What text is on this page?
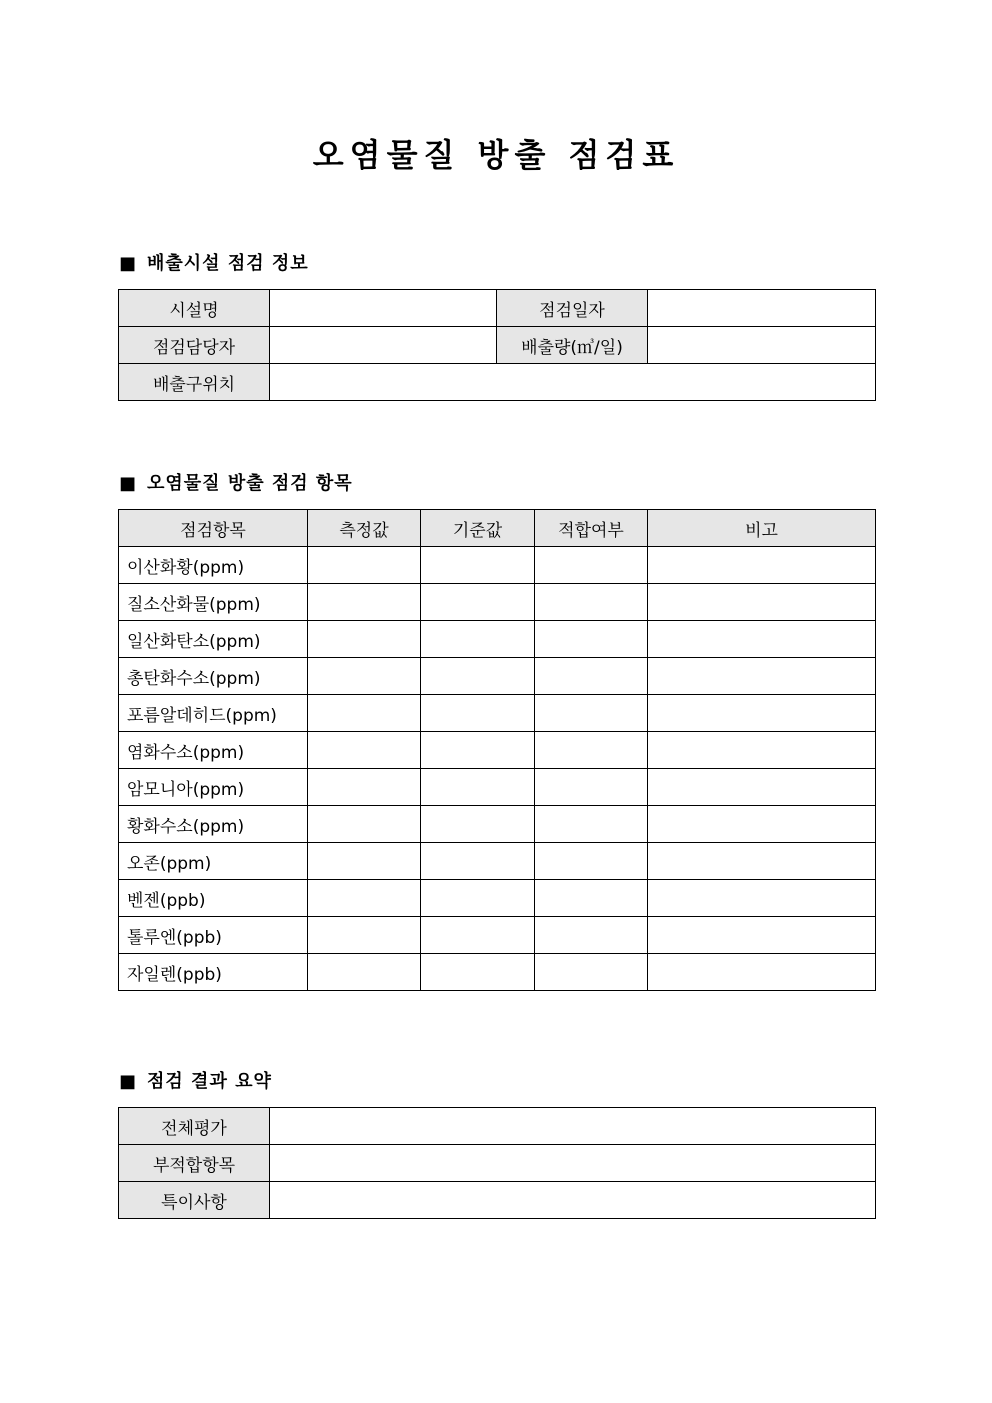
오염물질 방출 점검표
■ 배출시설 점검 정보
시설명		점검일자	
점검담당자		배출량(㎥/일)	
배출구위치			
■ 오염물질 방출 점검 항목
점검항목	측정값	기준값	적합여부	비고
이산화황(ppm)				
질소산화물(ppm)				
일산화탄소(ppm)				
총탄화수소(ppm)				
포름알데히드(ppm)				
염화수소(ppm)				
암모니아(ppm)				
황화수소(ppm)				
오존(ppm)				
벤젠(ppb)				
톨루엔(ppb)				
자일렌(ppb)				
■ 점검 결과 요약
전체평가	
부적합항목	
특이사항	
